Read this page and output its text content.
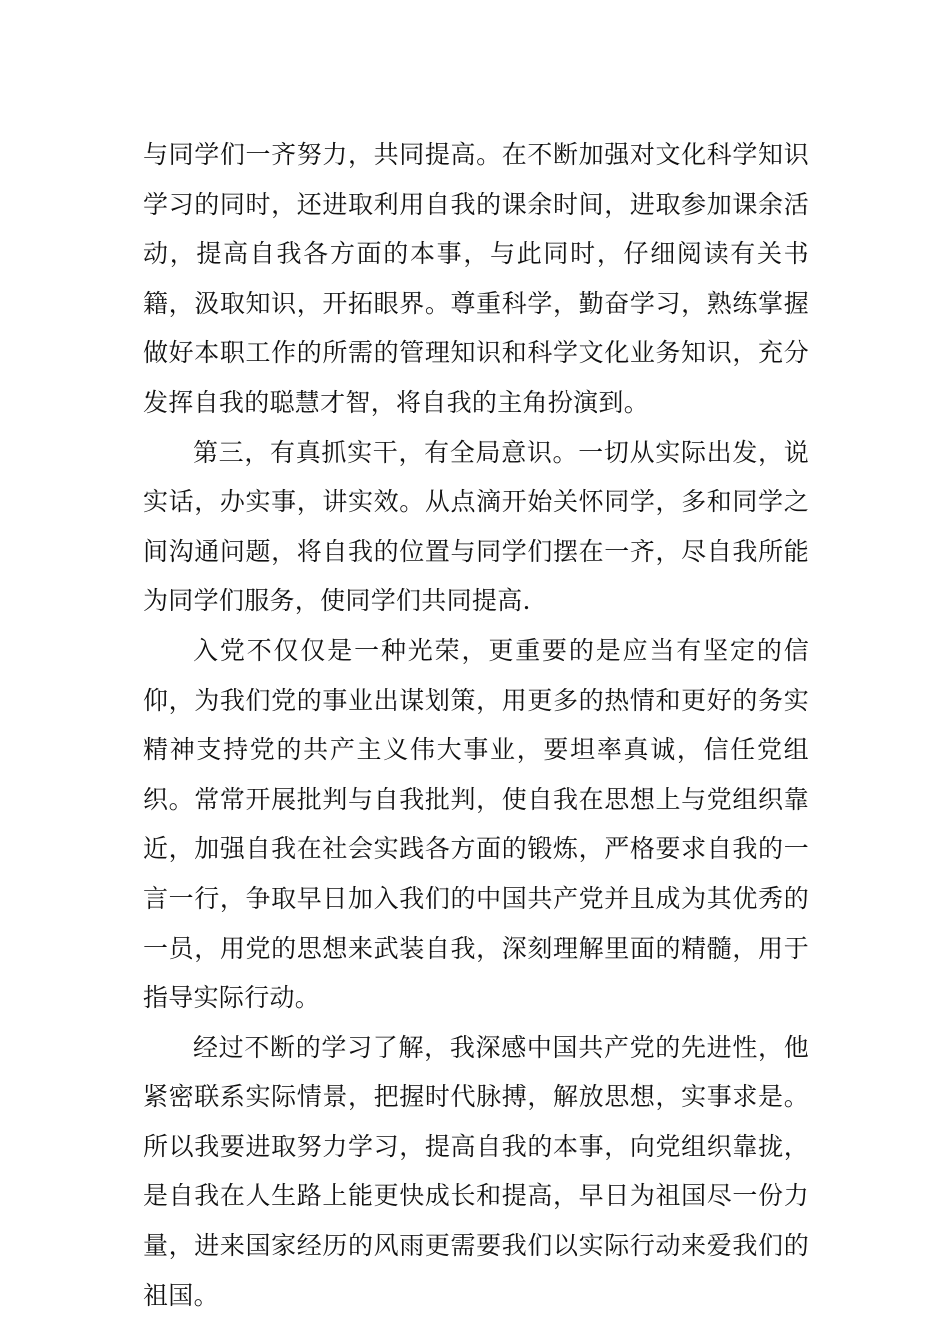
与同学们一齐努力，共同提高。在不断加强对文化科学知识学习的同时，还进取利用自我的课余时间，进取参加课余活动，提高自我各方面的本事，与此同时，仔细阅读有关书籍，汲取知识，开拓眼界。尊重科学，勤奋学习，熟练掌握做好本职工作的所需的管理知识和科学文化业务知识，充分发挥自我的聪慧才智，将自我的主角扮演到。

第三，有真抓实干，有全局意识。一切从实际出发，说实话，办实事，讲实效。从点滴开始关怀同学，多和同学之间沟通问题，将自我的位置与同学们摆在一齐，尽自我所能为同学们服务，使同学们共同提高.

入党不仅仅是一种光荣，更重要的是应当有坚定的信仰，为我们党的事业出谋划策，用更多的热情和更好的务实精神支持党的共产主义伟大事业，要坦率真诚，信任党组织。常常开展批判与自我批判，使自我在思想上与党组织靠近，加强自我在社会实践各方面的锻炼，严格要求自我的一言一行，争取早日加入我们的中国共产党并且成为其优秀的一员，用党的思想来武装自我，深刻理解里面的精髓，用于指导实际行动。

经过不断的学习了解，我深感中国共产党的先进性，他紧密联系实际情景，把握时代脉搏，解放思想，实事求是。所以我要进取努力学习，提高自我的本事，向党组织靠拢，是自我在人生路上能更快成长和提高，早日为祖国尽一份力量，进来国家经历的风雨更需要我们以实际行动来爱我们的祖国。
